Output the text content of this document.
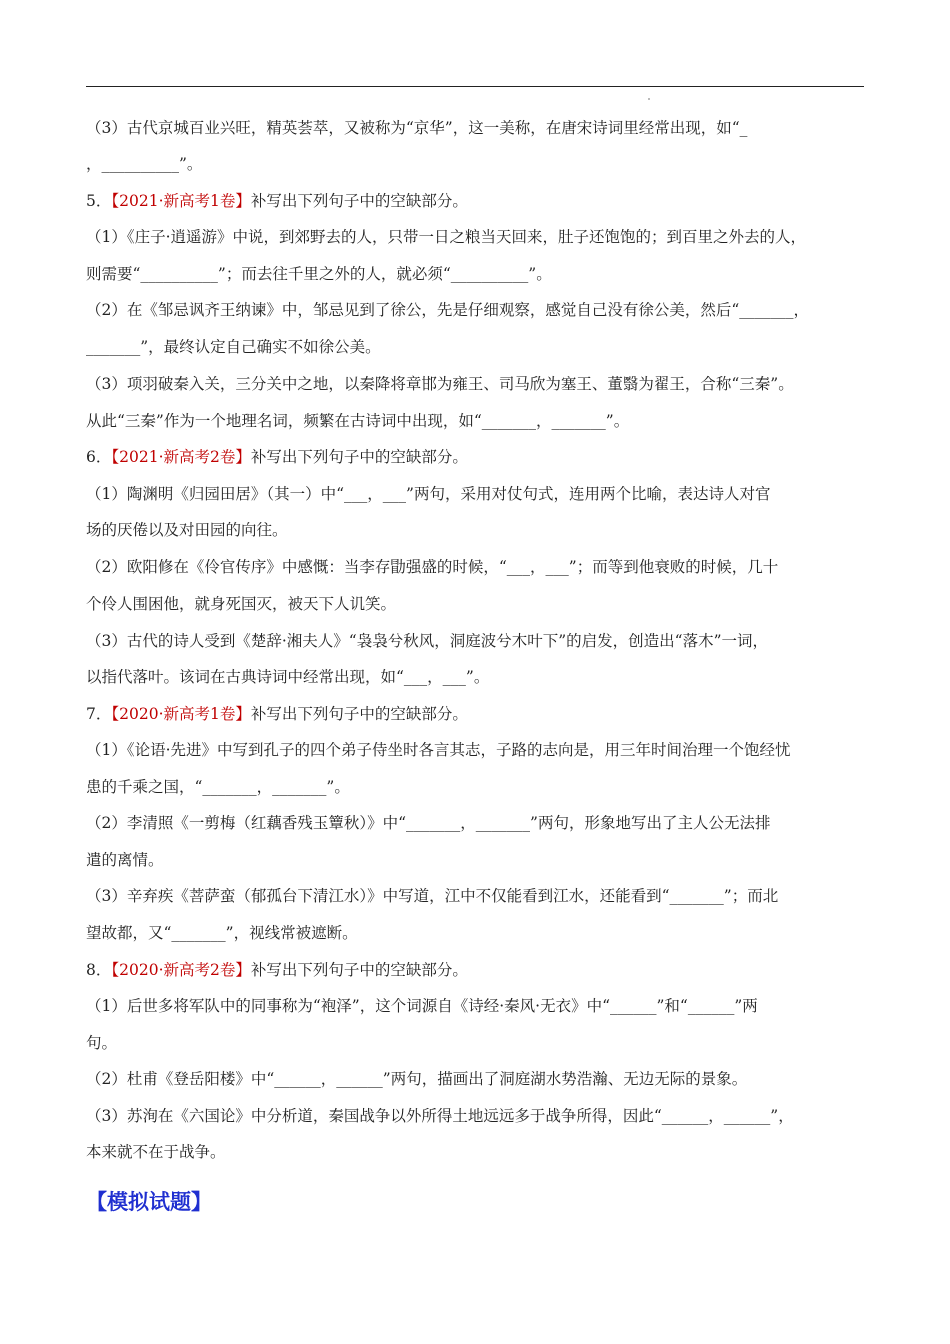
（3）古代京城百业兴旺，精英荟萃，又被称为“京华”，这一美称，在唐宋诗词里经常出现，如“_
，__________”。
5．【2021·新高考1卷】补写出下列句子中的空缺部分。
（1）《庄子·逍遥游》中说，到郊野去的人，只带一日之粮当天回来，肚子还饱饱的；到百里之外去的人，
则需要“__________”；而去往千里之外的人，就必须“__________”。
（2）在《邹忌讽齐王纳谏》中，邹忌见到了徐公，先是仔细观察，感觉自己没有徐公美，然后“_______，
_______”，最终认定自己确实不如徐公美。
（3）项羽破秦入关，三分关中之地，以秦降将章邯为雍王、司马欣为塞王、董翳为翟王，合称“三秦”。
从此“三秦”作为一个地理名词，频繁在古诗词中出现，如“_______，_______”。
6．【2021·新高考2卷】补写出下列句子中的空缺部分。
（1）陶渊明《归园田居》（其一）中“___，___”两句，采用对仗句式，连用两个比喻，表达诗人对官
场的厌倦以及对田园的向往。
（2）欧阳修在《伶官传序》中感慨：当李存勖强盛的时候，“___，___”；而等到他衰败的时候，几十
个伶人围困他，就身死国灭，被天下人讥笑。
（3）古代的诗人受到《楚辞·湘夫人》“袅袅兮秋风，洞庭波兮木叶下”的启发，创造出“落木”一词，
以指代落叶。该词在古典诗词中经常出现，如“___，___”。
7．【2020·新高考1卷】补写出下列句子中的空缺部分。
（1）《论语·先进》中写到孔子的四个弟子侍坐时各言其志，子路的志向是，用三年时间治理一个饱经忧
患的千乘之国，“_______，_______”。
（2）李清照《一剪梅（红藕香残玉簟秋）》中“_______，_______”两句，形象地写出了主人公无法排
遣的离情。
（3）辛弃疾《菩萨蛮（郁孤台下清江水）》中写道，江中不仅能看到江水，还能看到“_______”；而北
望故都，又“_______”，视线常被遮断。
8．【2020·新高考2卷】补写出下列句子中的空缺部分。
（1）后世多将军队中的同事称为“袍泽”，这个词源自《诗经·秦风·无衣》中“______”和“______”两
句。
（2）杜甫《登岳阳楼》中“______，______”两句，描画出了洞庭湖水势浩瀚、无边无际的景象。
（3）苏洵在《六国论》中分析道，秦国战争以外所得土地远远多于战争所得，因此“______，______”，
本来就不在于战争。
【模拟试题】
